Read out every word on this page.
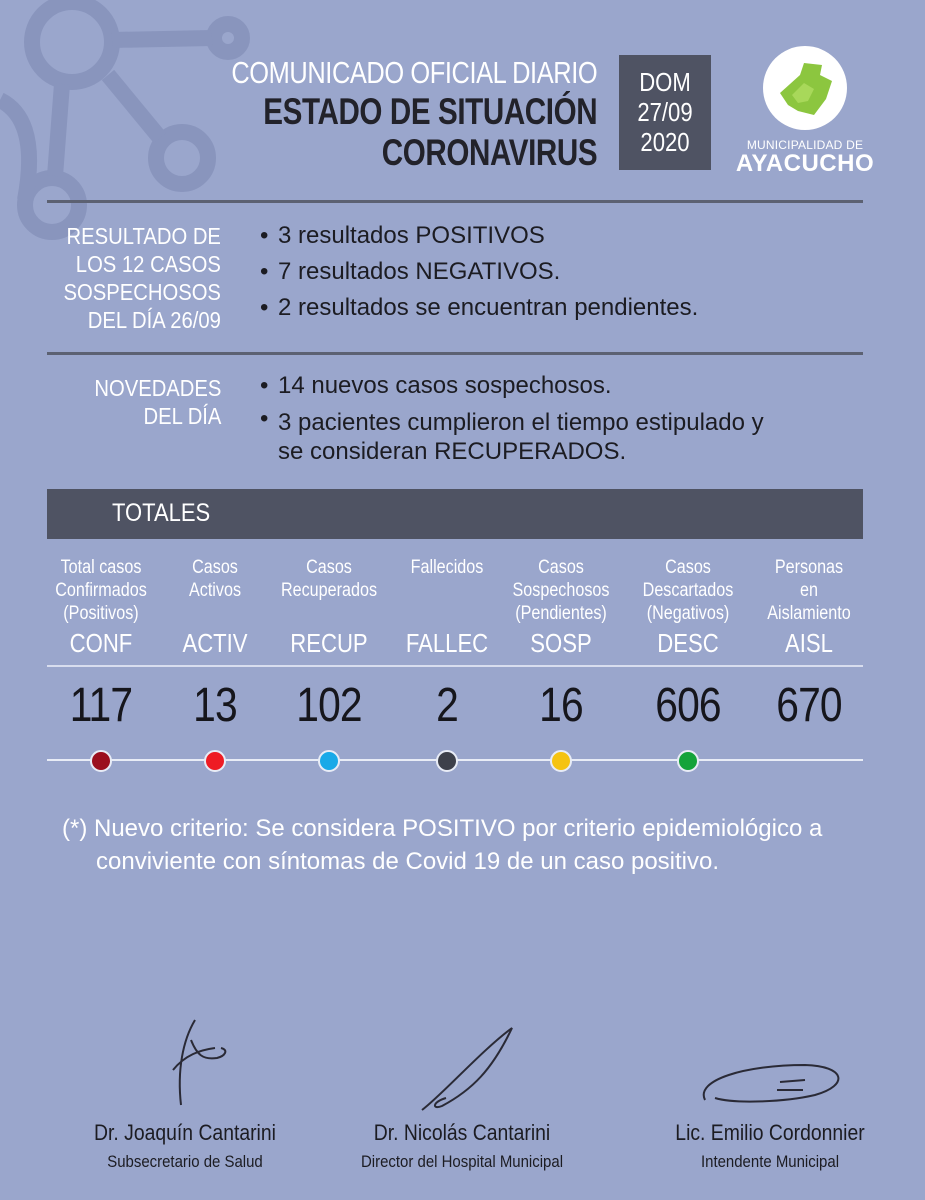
COMUNICADO OFICIAL DIARIO
ESTADO DE SITUACIÓN
CORONAVIRUS
DOM
27/09
2020	MUNICIPALIDAD DE
AYACUCHO
RESULTADO DE
LOS 12 CASOS
SOSPECHOSOS
DEL DÍA 26/09
• 3 resultados POSITIVOS
• 7 resultados NEGATIVOS.
• 2 resultados se encuentran pendientes.
NOVEDADES
DEL DÍA
• 14 nuevos casos sospechosos.
• 3 pacientes cumplieron el tiempo estipulado y
se consideran RECUPERADOS.
TOTALES
Total casos
Confirmados
(Positivos)
CONF
117
Casos
Activos
ACTIV
13
Casos
Recuperados
RECUP
102
Fallecidos
FALLEC
2
Casos
Sospechosos
(Pendientes)
SOSP
16
Casos
Descartados
(Negativos)
DESC
606
Personas
en
Aislamiento
AISL
670
(*) Nuevo criterio: Se considera POSITIVO por criterio epidemiológico a
conviviente con síntomas de Covid 19 de un caso positivo.
Dr. Joaquín Cantarini
Subsecretario de Salud
Dr. Nicolás Cantarini
Director del Hospital Municipal
Lic. Emilio Cordonnier
Intendente Municipal
